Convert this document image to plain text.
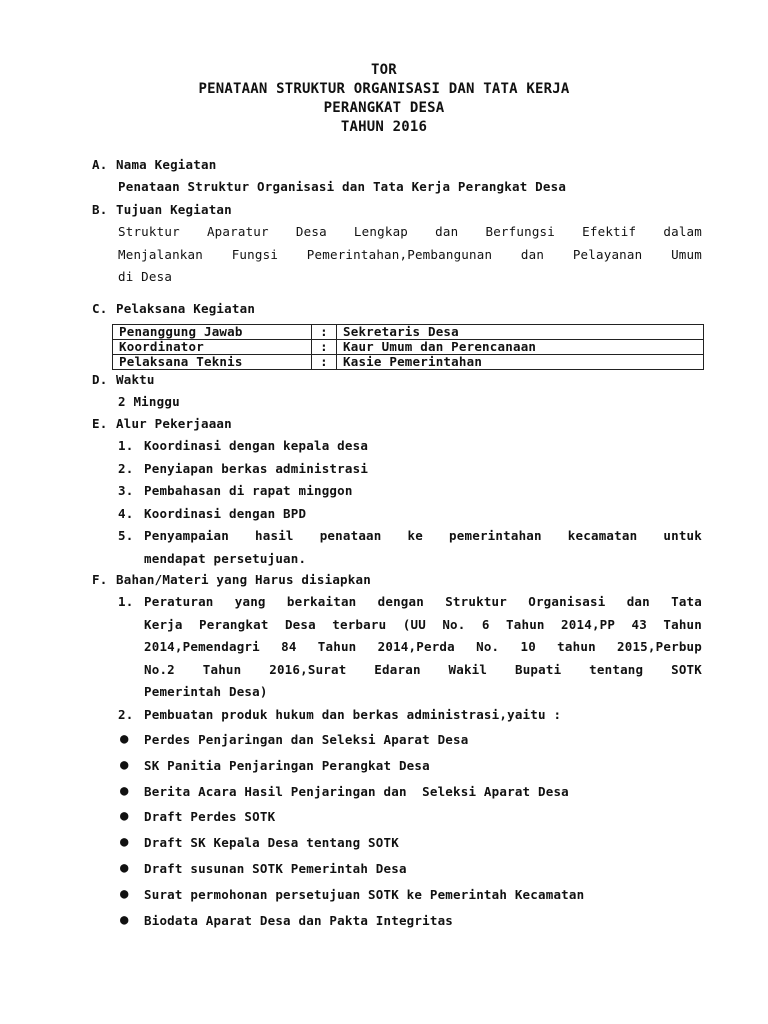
TOR
PENATAAN STRUKTUR ORGANISASI DAN TATA KERJA
PERANGKAT DESA
TAHUN 2016
A. Nama Kegiatan
Penataan Struktur Organisasi dan Tata Kerja Perangkat Desa
B. Tujuan Kegiatan
Struktur Aparatur Desa Lengkap dan Berfungsi Efektif dalam
Menjalankan Fungsi Pemerintahan,Pembangunan dan Pelayanan Umum
di Desa
C. Pelaksana Kegiatan
Penanggung Jawab	:	Sekretaris Desa
Koordinator	:	Kaur Umum dan Perencanaan
Pelaksana Teknis	:	Kasie Pemerintahan
D. Waktu
2 Minggu
E. Alur Pekerjaaan
1. Koordinasi dengan kepala desa
2. Penyiapan berkas administrasi
3. Pembahasan di rapat minggon
4. Koordinasi dengan BPD
5. Penyampaian hasil penataan ke pemerintahan kecamatan untuk
mendapat persetujuan.
F. Bahan/Materi yang Harus disiapkan
1. Peraturan yang berkaitan dengan Struktur Organisasi dan Tata
Kerja Perangkat Desa terbaru (UU No. 6 Tahun 2014,PP 43 Tahun
2014,Pemendagri 84 Tahun 2014,Perda No. 10 tahun 2015,Perbup
No.2 Tahun 2016,Surat Edaran Wakil Bupati tentang SOTK
Pemerintah Desa)
2. Pembuatan produk hukum dan berkas administrasi,yaitu :
●	Perdes Penjaringan dan Seleksi Aparat Desa
●	SK Panitia Penjaringan Perangkat Desa
●	Berita Acara Hasil Penjaringan dan  Seleksi Aparat Desa
●	Draft Perdes SOTK
●	Draft SK Kepala Desa tentang SOTK
●	Draft susunan SOTK Pemerintah Desa
●	Surat permohonan persetujuan SOTK ke Pemerintah Kecamatan
●	Biodata Aparat Desa dan Pakta Integritas
